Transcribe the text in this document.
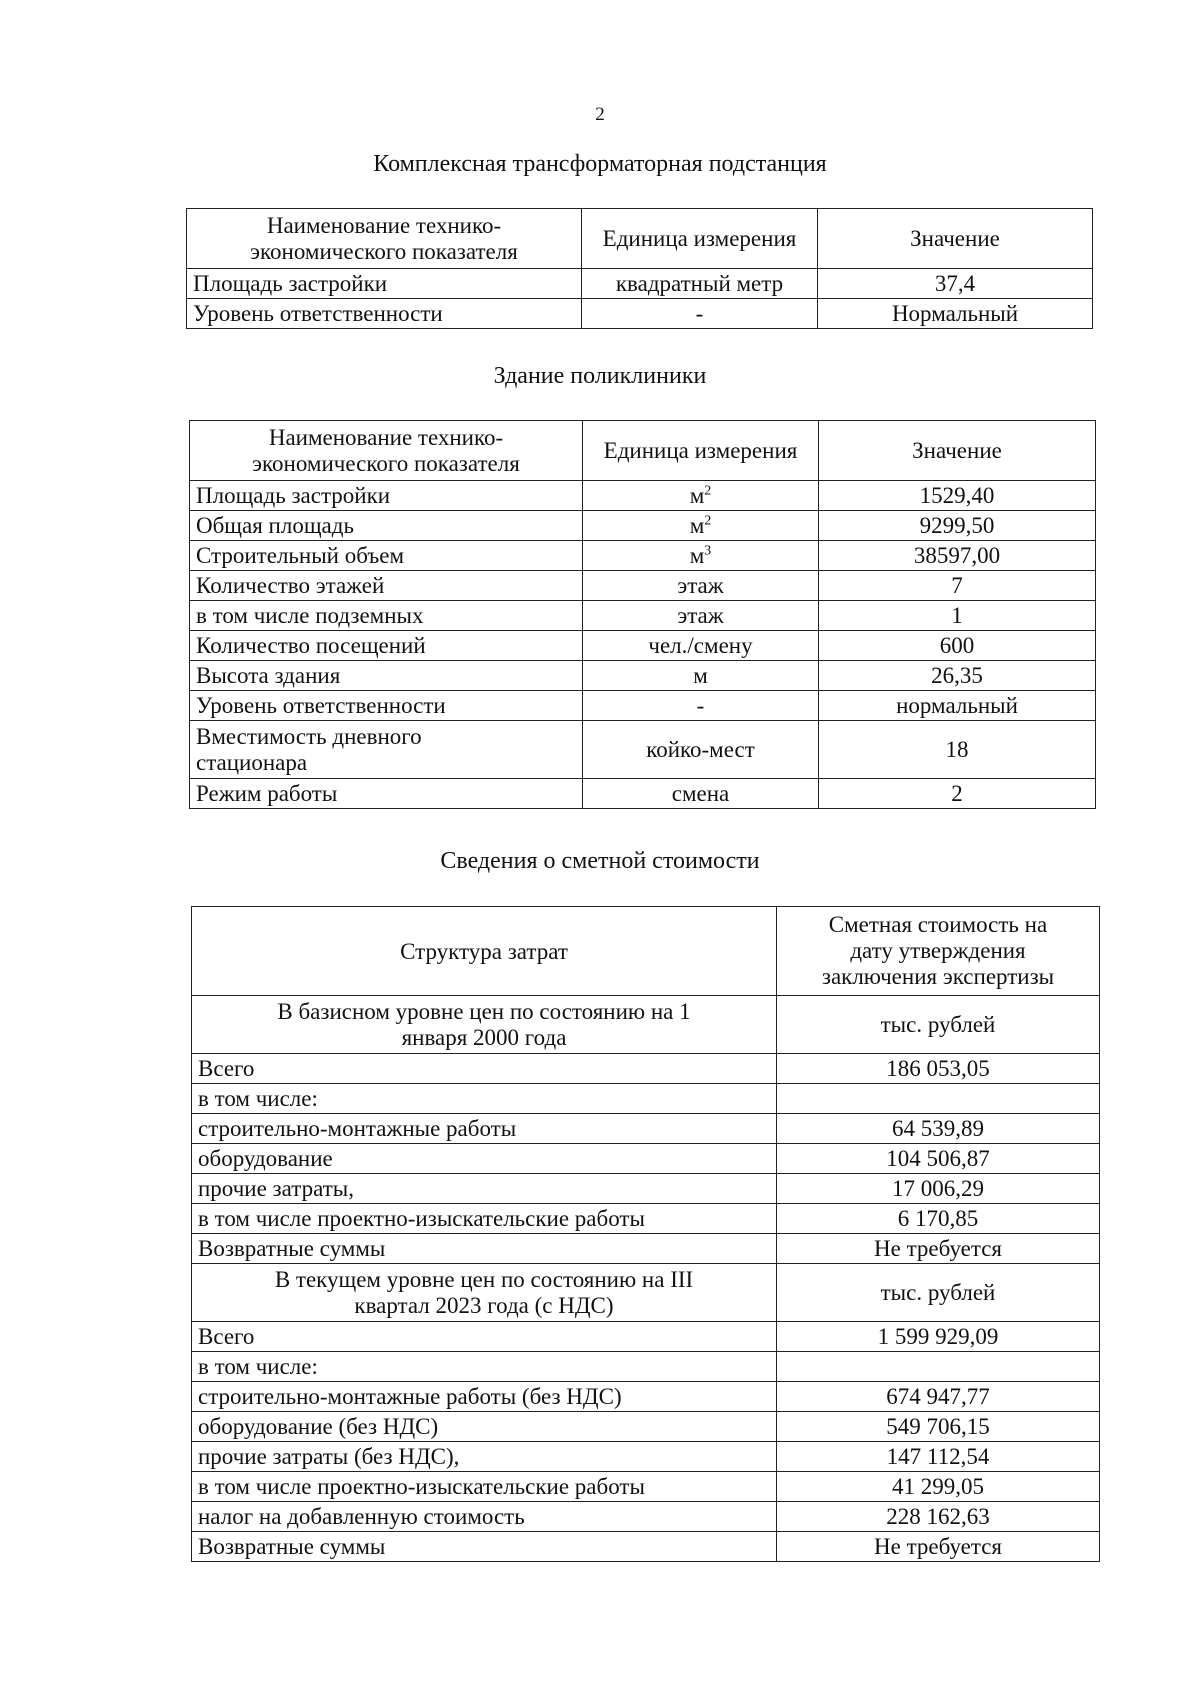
2
Комплексная трансформаторная подстанция
Наименование технико-экономического показателя	Единица измерения	Значение
Площадь застройки	квадратный метр	37,4
Уровень ответственности	-	Нормальный
Здание поликлиники
Наименование технико-экономического показателя	Единица измерения	Значение
Площадь застройки	$м^2$	1529,40
Общая площадь	$м^2$	9299,50
Строительный объем	$м^3$	38597,00
Количество этажей	этаж	7
в том числе подземных	этаж	1
Количество посещений	чел./смену	600
Высота здания	м	26,35
Уровень ответственности	-	нормальный
Вместимость дневного стационара	койко-мест	18
Режим работы	смена	2
Сведения о сметной стоимости
Структура затрат	Сметная стоимость на дату утверждения заключения экспертизы
В базисном уровне цен по состоянию на 1 января 2000 года	тыс. рублей
Всего	186 053,05
в том числе:	
строительно-монтажные работы	64 539,89
оборудование	104 506,87
прочие затраты,	17 006,29
в том числе проектно-изыскательские работы	6 170,85
Возвратные суммы	Не требуется
В текущем уровне цен по состоянию на III квартал 2023 года (с НДС)	тыс. рублей
Всего	1 599 929,09
в том числе:	
строительно-монтажные работы (без НДС)	674 947,77
оборудование (без НДС)	549 706,15
прочие затраты (без НДС),	147 112,54
в том числе проектно-изыскательские работы	41 299,05
налог на добавленную стоимость	228 162,63
Возвратные суммы	Не требуется
